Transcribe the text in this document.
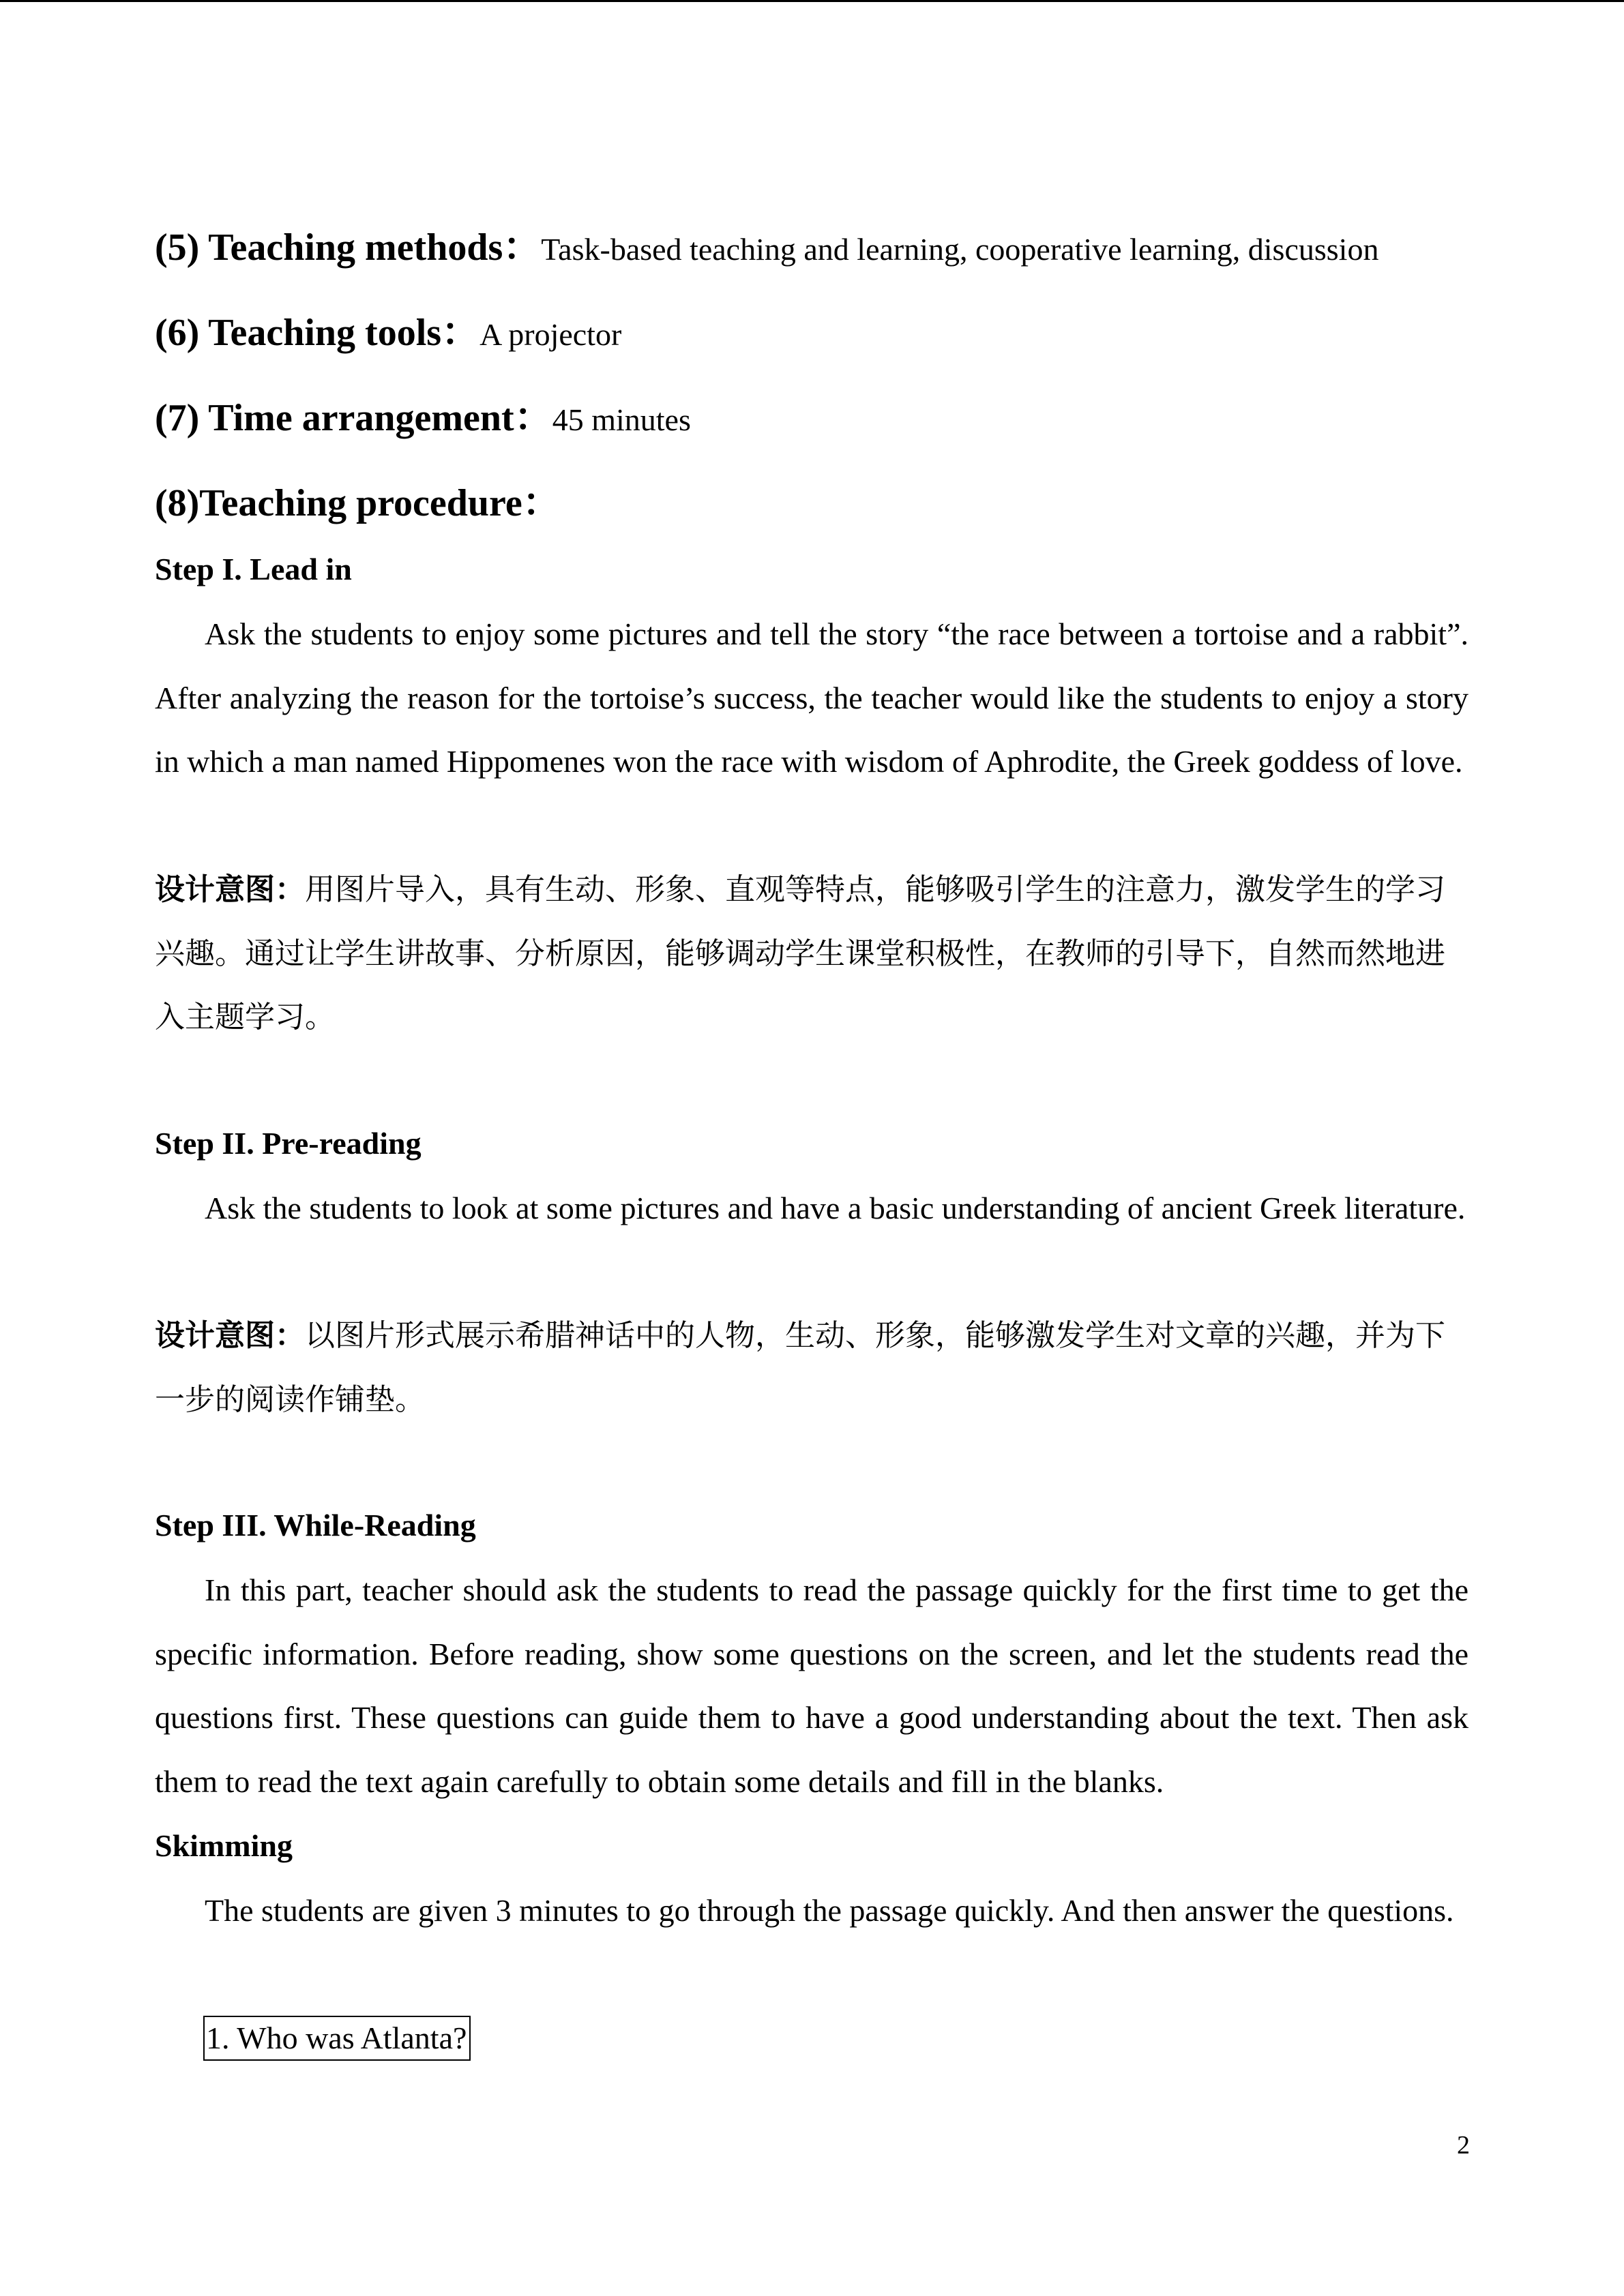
(5) Teaching methods：Task-based teaching and learning, cooperative learning, discussion
(6) Teaching tools：A projector
(7) Time arrangement：45 minutes
(8)Teaching procedure：
Step I. Lead in
Ask the students to enjoy some pictures and tell the story “the race between a tortoise and a rabbit”. After analyzing the reason for the tortoise’s success, the teacher would like the students to enjoy a story in which a man named Hippomenes won the race with wisdom of Aphrodite, the Greek goddess of love.
设计意图：用图片导入，具有生动、形象、直观等特点，能够吸引学生的注意力，激发学生的学习兴趣。通过让学生讲故事、分析原因，能够调动学生课堂积极性，在教师的引导下，自然而然地进入主题学习。
Step II. Pre-reading
Ask the students to look at some pictures and have a basic understanding of ancient Greek literature.
设计意图：以图片形式展示希腊神话中的人物，生动、形象，能够激发学生对文章的兴趣，并为下一步的阅读作铺垫。
Step III. While-Reading
In this part, teacher should ask the students to read the passage quickly for the first time to get the specific information. Before reading, show some questions on the screen, and let the students read the questions first. These questions can guide them to have a good understanding about the text. Then ask them to read the text again carefully to obtain some details and fill in the blanks.
Skimming
The students are given 3 minutes to go through the passage quickly. And then answer the questions.
1. Who was Atlanta?
2
